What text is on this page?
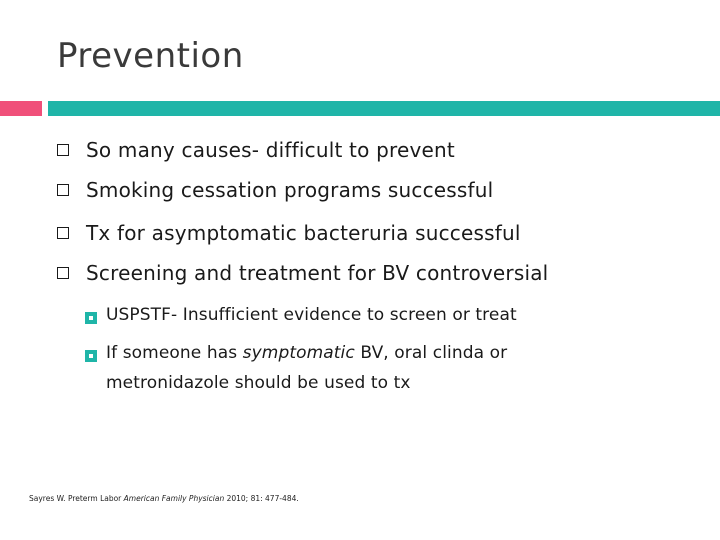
Prevention
So many causes- difficult to prevent
Smoking cessation programs successful
Tx for asymptomatic bacteruria successful
Screening and treatment for BV controversial
USPSTF- Insufficient evidence to screen or treat
If someone has symptomatic BV, oral clinda or metronidazole should be used to tx
Sayres W. Preterm Labor American Family Physician 2010; 81: 477-484.
